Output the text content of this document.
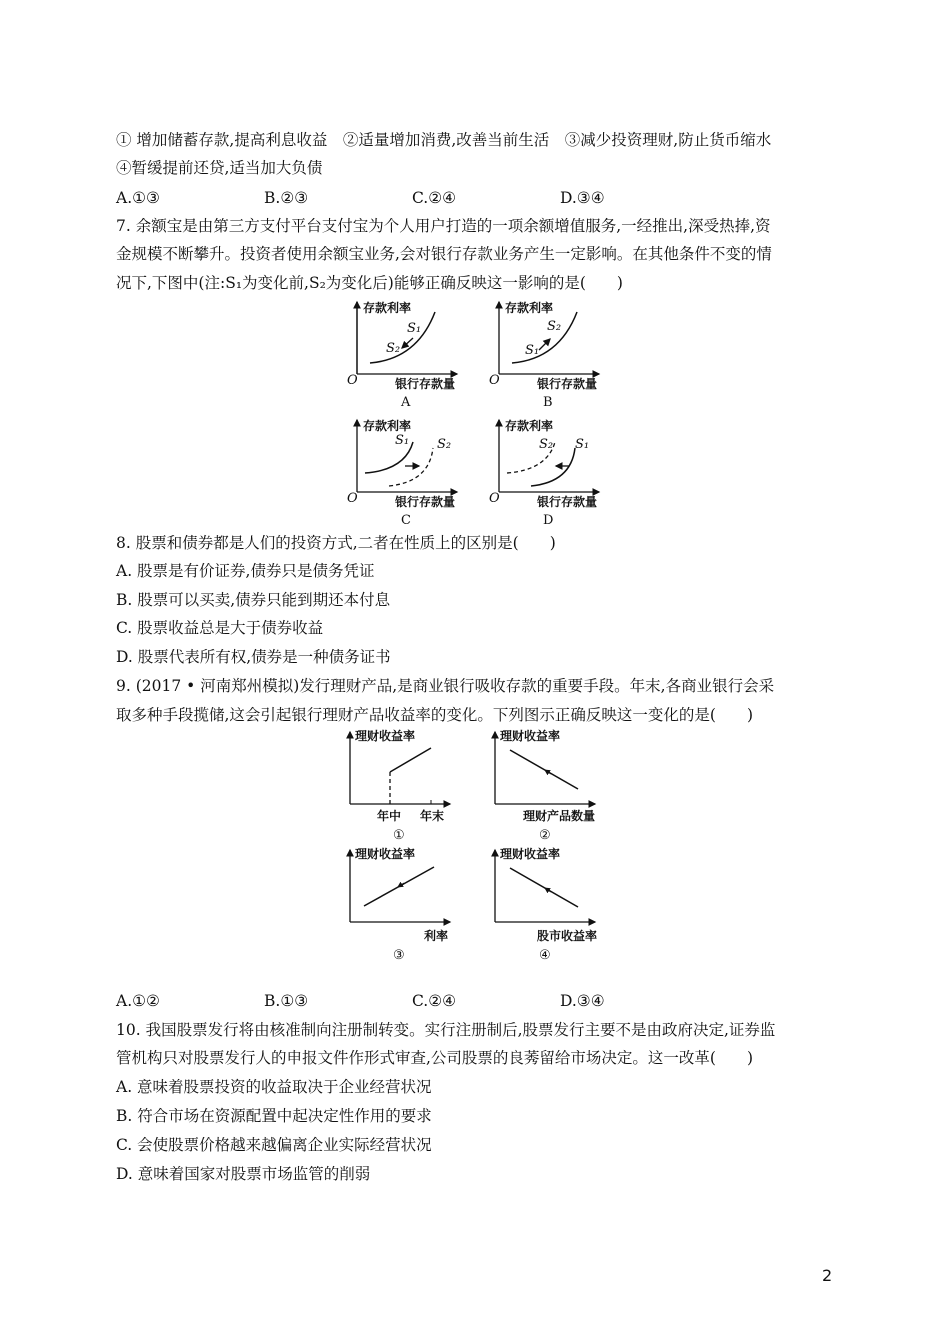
① 增加储蓄存款,提高利息收益　②适量增加消费,改善当前生活　③减少投资理财,防止货币缩水
④暂缓提前还贷,适当加大负债
A.①③	B.②③	C.②④	D.③④
7. 余额宝是由第三方支付平台支付宝为个人用户打造的一项余额增值服务,一经推出,深受热捧,资
金规模不断攀升。投资者使用余额宝业务,会对银行存款业务产生一定影响。在其他条件不变的情
况下,下图中(注:S₁为变化前,S₂为变化后)能够正确反映这一影响的是(　　)
存款利率
S₁
S₂
O	银行存款量
A
存款利率
S₂
S₁
O	银行存款量
B
存款利率
S₁ S₂
O	银行存款量
C
存款利率
S₂ S₁
O	银行存款量
D
理财收益率
年中 年末
①
理财收益率
理财产品数量
②
理财收益率
利率
③
理财收益率
股市收益率
④
8. 股票和债券都是人们的投资方式,二者在性质上的区别是(　　)
A. 股票是有价证券,债券只是债务凭证
B. 股票可以买卖,债券只能到期还本付息
C. 股票收益总是大于债券收益
D. 股票代表所有权,债券是一种债务证书
9. (2017 • 河南郑州模拟)发行理财产品,是商业银行吸收存款的重要手段。年末,各商业银行会采
取多种手段揽储,这会引起银行理财产品收益率的变化。下列图示正确反映这一变化的是(　　)
A.①②	B.①③	C.②④	D.③④
10. 我国股票发行将由核准制向注册制转变。实行注册制后,股票发行主要不是由政府决定,证券监
管机构只对股票发行人的申报文件作形式审查,公司股票的良莠留给市场决定。这一改革(　　)
A. 意味着股票投资的收益取决于企业经营状况
B. 符合市场在资源配置中起决定性作用的要求
C. 会使股票价格越来越偏离企业实际经营状况
D. 意味着国家对股票市场监管的削弱
2
